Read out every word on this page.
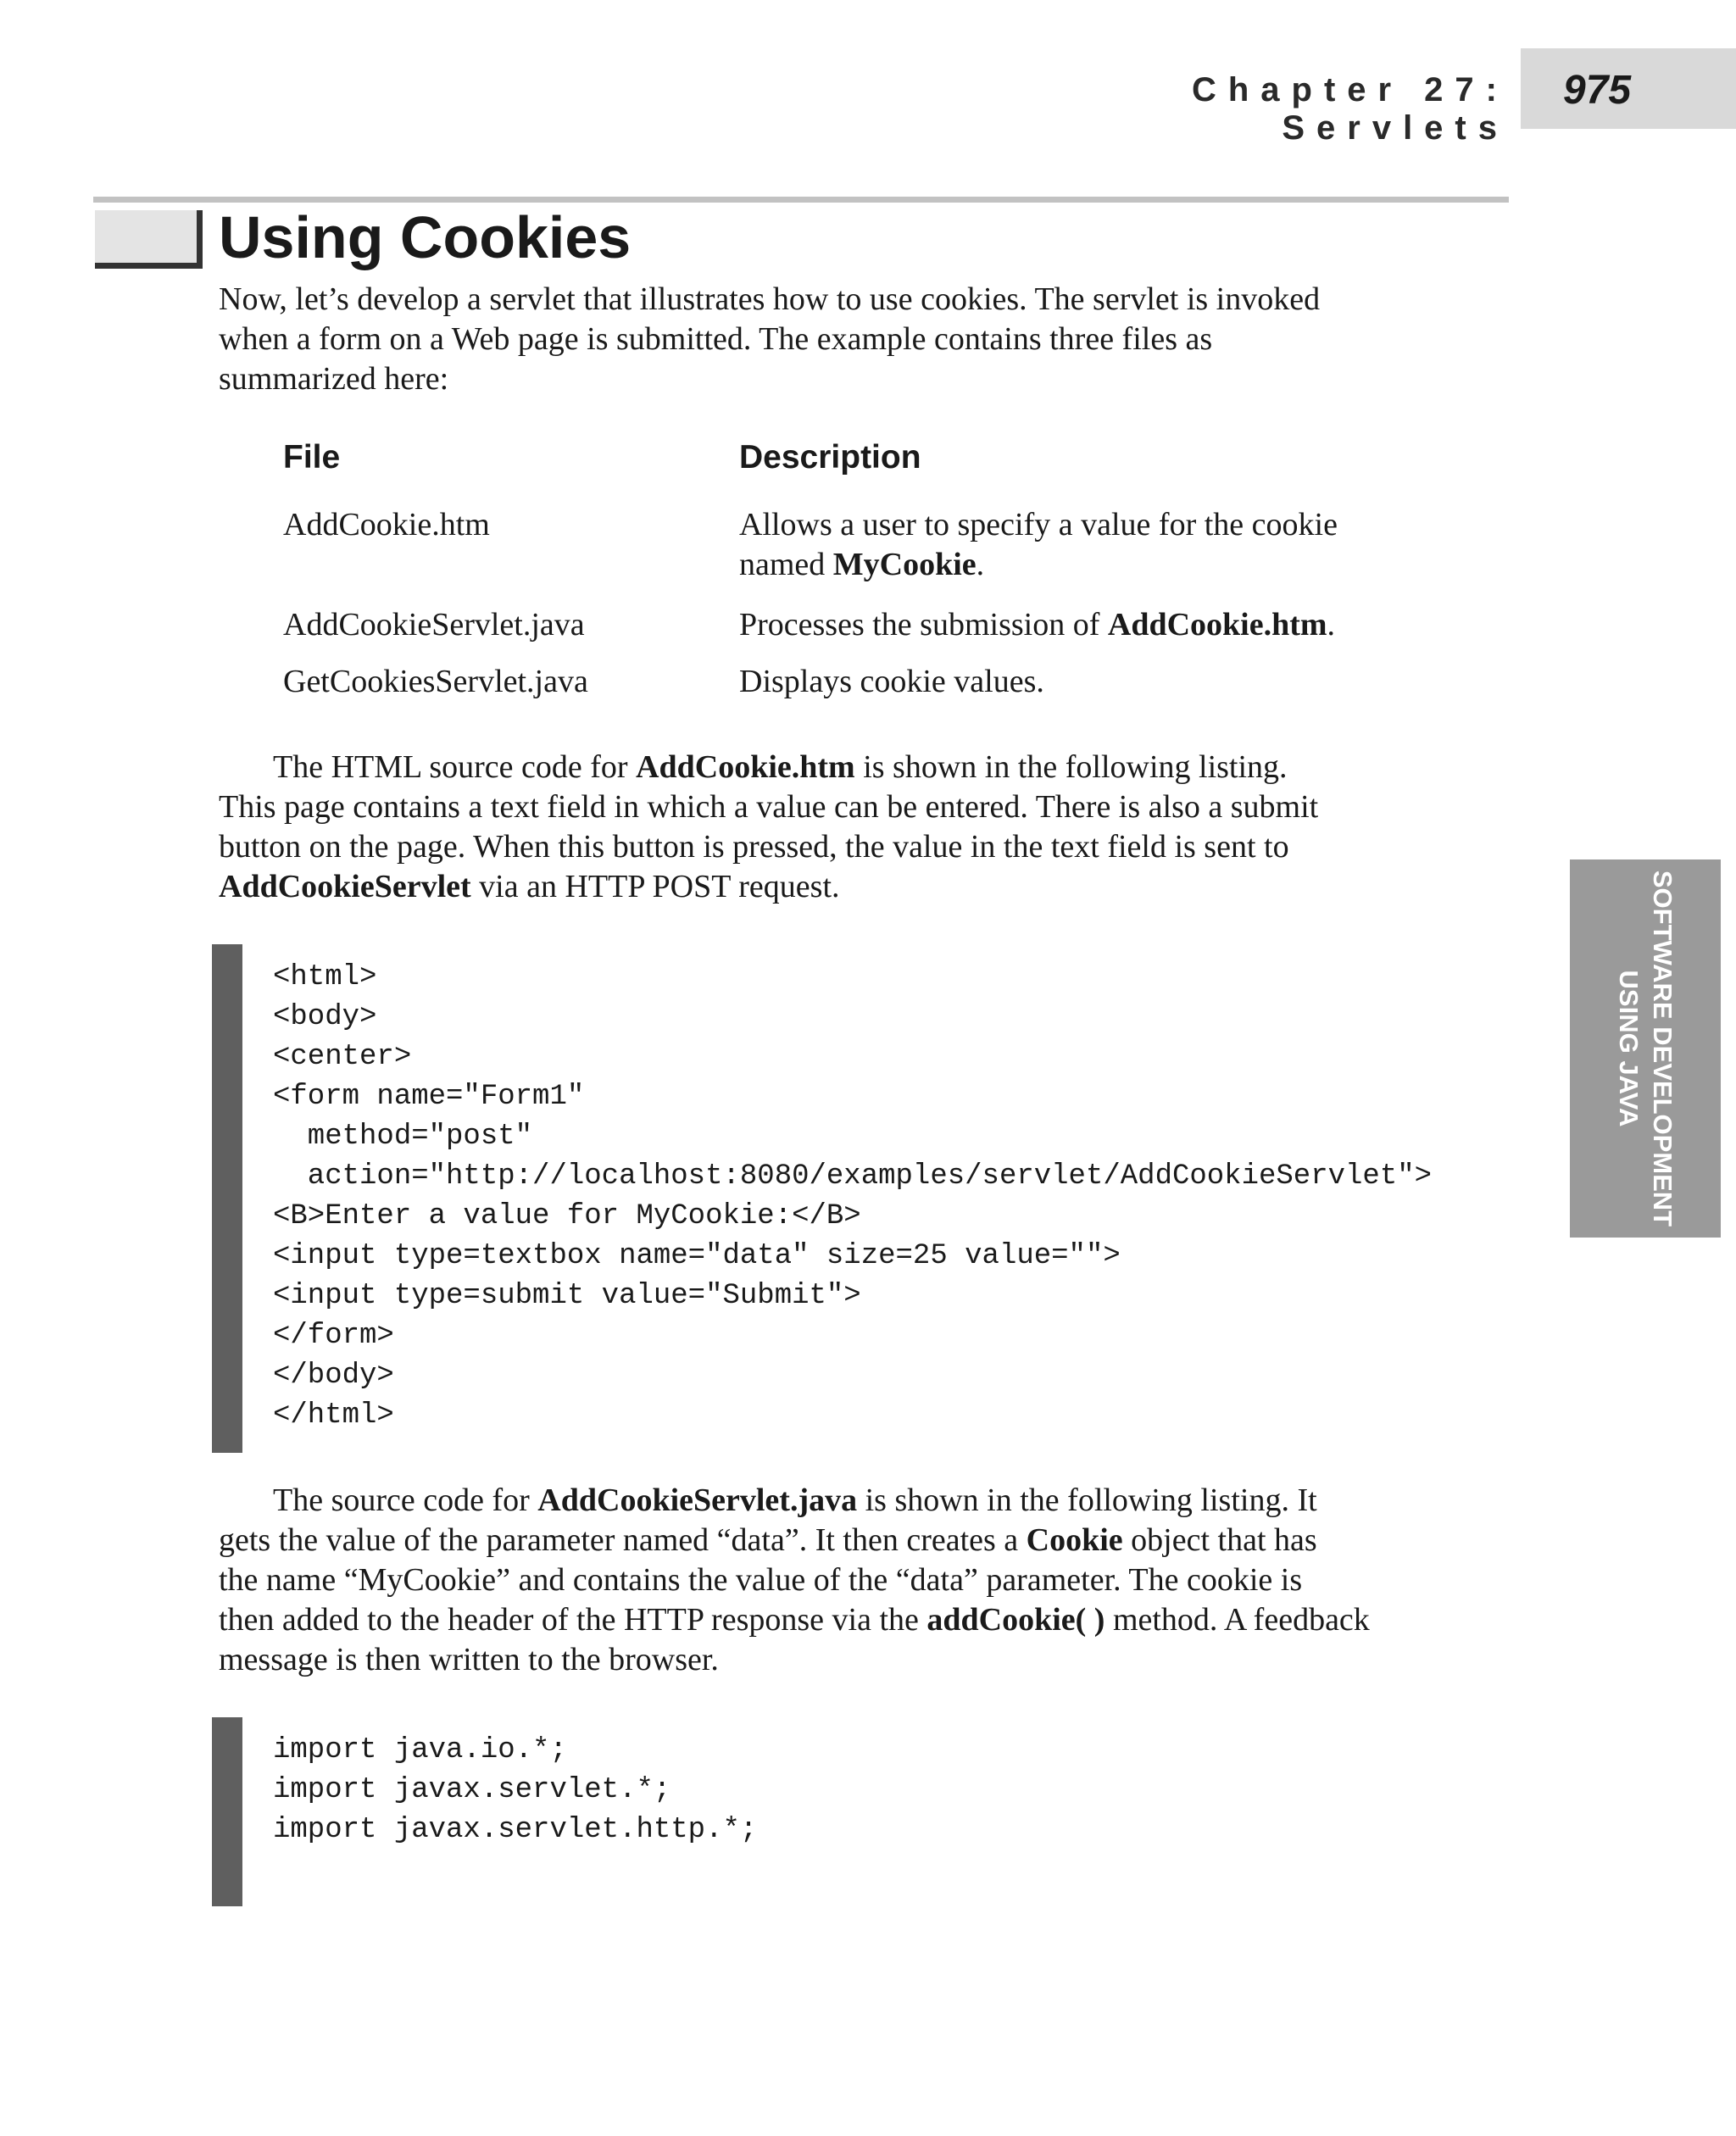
Chapter 27: Servlets
975
Using Cookies

Now, let’s develop a servlet that illustrates how to use cookies. The servlet is invoked
when a form on a Web page is submitted. The example contains three files as
summarized here:

File	Description
AddCookie.htm	Allows a user to specify a value for the cookie
named MyCookie.
AddCookieServlet.java	Processes the submission of AddCookie.htm.
GetCookiesServlet.java	Displays cookie values.

The HTML source code for AddCookie.htm is shown in the following listing.
This page contains a text field in which a value can be entered. There is also a submit
button on the page. When this button is pressed, the value in the text field is sent to
AddCookieServlet via an HTTP POST request.

<html>
<body>
<center>
<form name="Form1"
method="post"
action="http://localhost:8080/examples/servlet/AddCookieServlet">
<B>Enter a value for MyCookie:</B>
<input type=textbox name="data" size=25 value="">
<input type=submit value="Submit">
</form>
</body>
</html>

The source code for AddCookieServlet.java is shown in the following listing. It
gets the value of the parameter named “data”. It then creates a Cookie object that has
the name “MyCookie” and contains the value of the “data” parameter. The cookie is
then added to the header of the HTTP response via the addCookie( ) method. A feedback
message is then written to the browser.

import java.io.*;
import javax.servlet.*;
import javax.servlet.http.*;
SOFTWARE DEVELOPMENT
USING JAVA
